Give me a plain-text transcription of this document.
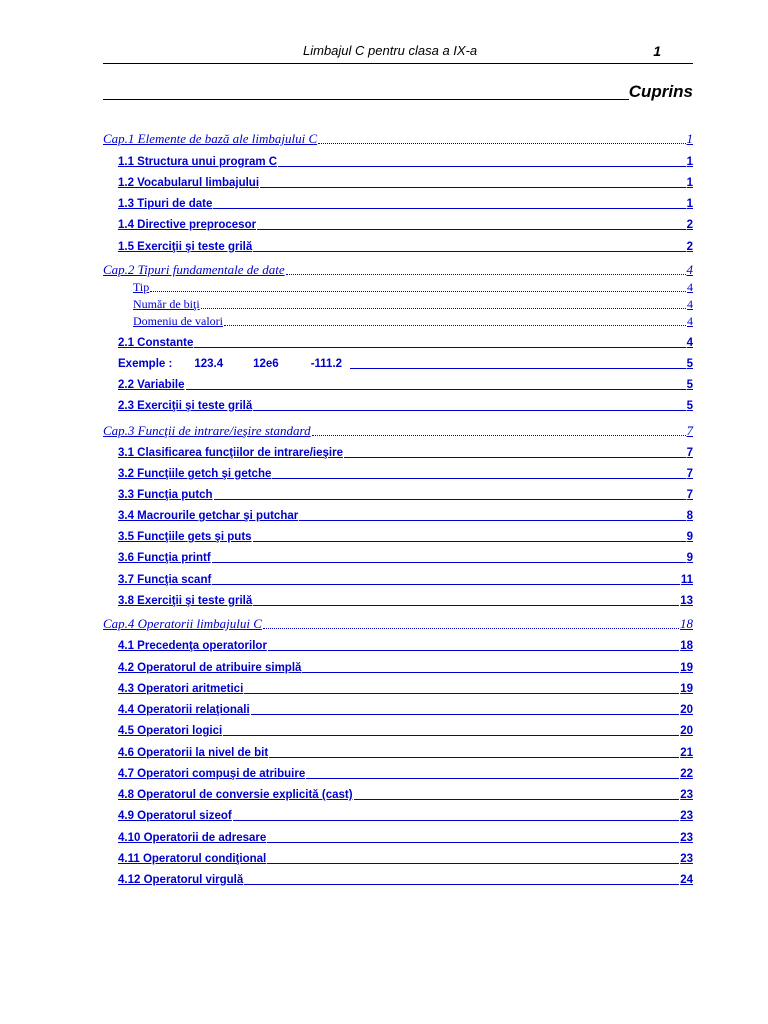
Limbajul C pentru clasa a IX-a	1
Cuprins
Cap.1 Elemente de bază ale limbajului C	1
1.1 Structura unui program C	1
1.2 Vocabularul limbajului	1
1.3 Tipuri de date	1
1.4 Directive preprocesor	2
1.5 Exerciţii şi teste grilă	2
Cap.2 Tipuri fundamentale de date	4
Tip	4
Număr de biţi	4
Domeniu de valori	4
2.1 Constante	4
Exemple : 123.4	12e6	-111.2	5
2.2 Variabile	5
2.3 Exerciţii şi teste grilă	5
Cap.3 Funcţii de intrare/ieşire standard	7
3.1 Clasificarea funcţiilor de intrare/ieşire	7
3.2 Funcţiile getch şi getche	7
3.3 Funcţia putch	7
3.4 Macrourile getchar şi putchar	8
3.5 Funcţiile gets şi puts	9
3.6 Funcţia printf	9
3.7 Funcţia scanf	11
3.8 Exerciţii şi teste grilă	13
Cap.4 Operatorii limbajului C	18
4.1 Precedenţa operatorilor	18
4.2 Operatorul de atribuire simplă	19
4.3 Operatori aritmetici	19
4.4 Operatorii relaţionali	20
4.5 Operatori logici	20
4.6 Operatorii la nivel de bit	21
4.7 Operatori compuşi de atribuire	22
4.8 Operatorul de conversie explicită (cast)	23
4.9 Operatorul sizeof	23
4.10 Operatorii de adresare	23
4.11 Operatorul condiţional	23
4.12 Operatorul virgulă	24
